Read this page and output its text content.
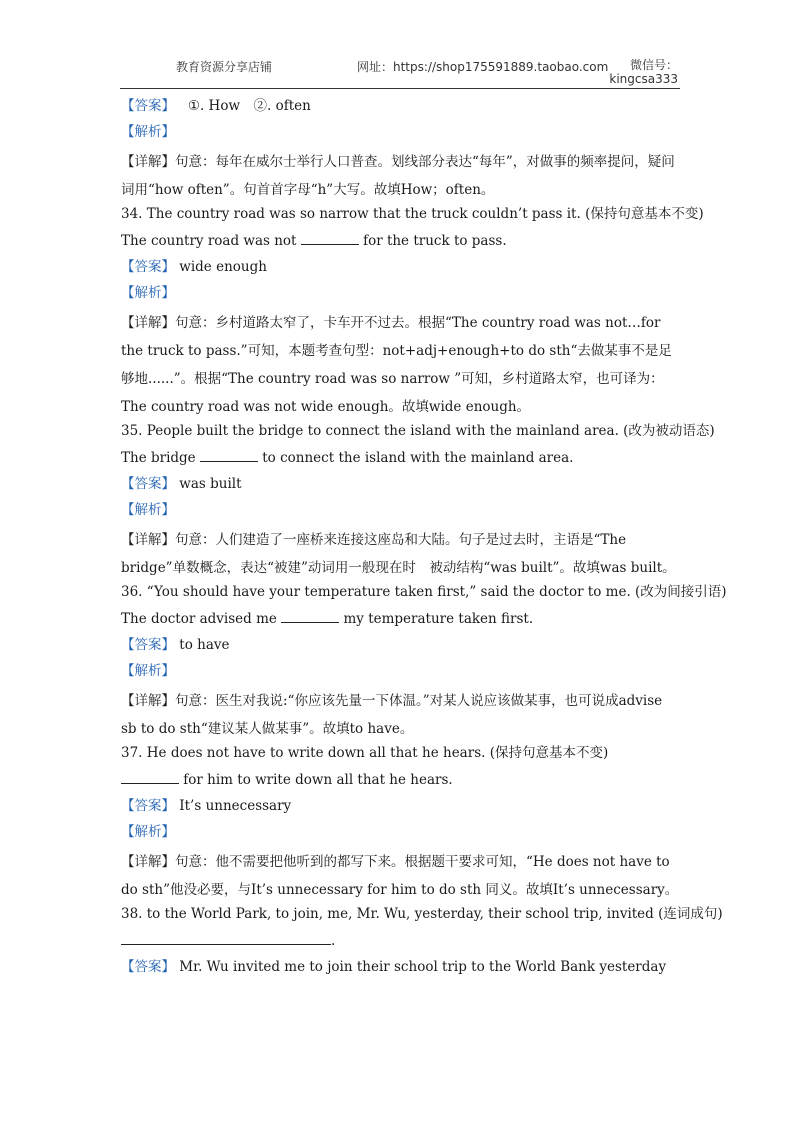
教育资源分享店铺	网址：https://shop175591889.taobao.com	微信号：
kingcsa333
【答案】 ①. How　②. often
【解析】
【详解】句意：每年在威尔士举行人口普查。划线部分表达“每年”，对做事的频率提问，疑问词用“how often”。句首首字母“h”大写。故填How；often。
34. The country road was so narrow that the truck couldn’t pass it. (保持句意基本不变)
The country road was not	for the truck to pass.
【答案】 wide enough
【解析】
【详解】句意：乡村道路太窄了，卡车开不过去。根据“The country road was not…for the truck to pass.”可知，本题考查句型：not+adj+enough+to do sth“去做某事不是足够地......”。根据“The country road was so narrow ”可知，乡村道路太窄，也可译为：The country road was not wide enough。故填wide enough。
35. People built the bridge to connect the island with the mainland area. (改为被动语态)
The bridge	to connect the island with the mainland area.
【答案】 was built
【解析】
【详解】句意：人们建造了一座桥来连接这座岛和大陆。句子是过去时，主语是“The bridge”单数概念，表达“被建”动词用一般现在时　被动结构“was built”。故填was built。
36. “You should have your temperature taken first,” said the doctor to me. (改为间接引语)
The doctor advised me	my temperature taken first.
【答案】 to have
【解析】
【详解】句意：医生对我说:“你应该先量一下体温。”对某人说应该做某事，也可说成advise sb to do sth“建议某人做某事”。故填to have。
37. He does not have to write down all that he hears. (保持句意基本不变)
for him to write down all that he hears.
【答案】 It’s unnecessary
【解析】
【详解】句意：他不需要把他听到的都写下来。根据题干要求可知，“He does not have to do sth”他没必要，与It’s unnecessary for him to do sth 同义。故填It’s unnecessary。
38. to the World Park, to join, me, Mr. Wu, yesterday, their school trip, invited (连词成句)
.
【答案】 Mr. Wu invited me to join their school trip to the World Bank yesterday
